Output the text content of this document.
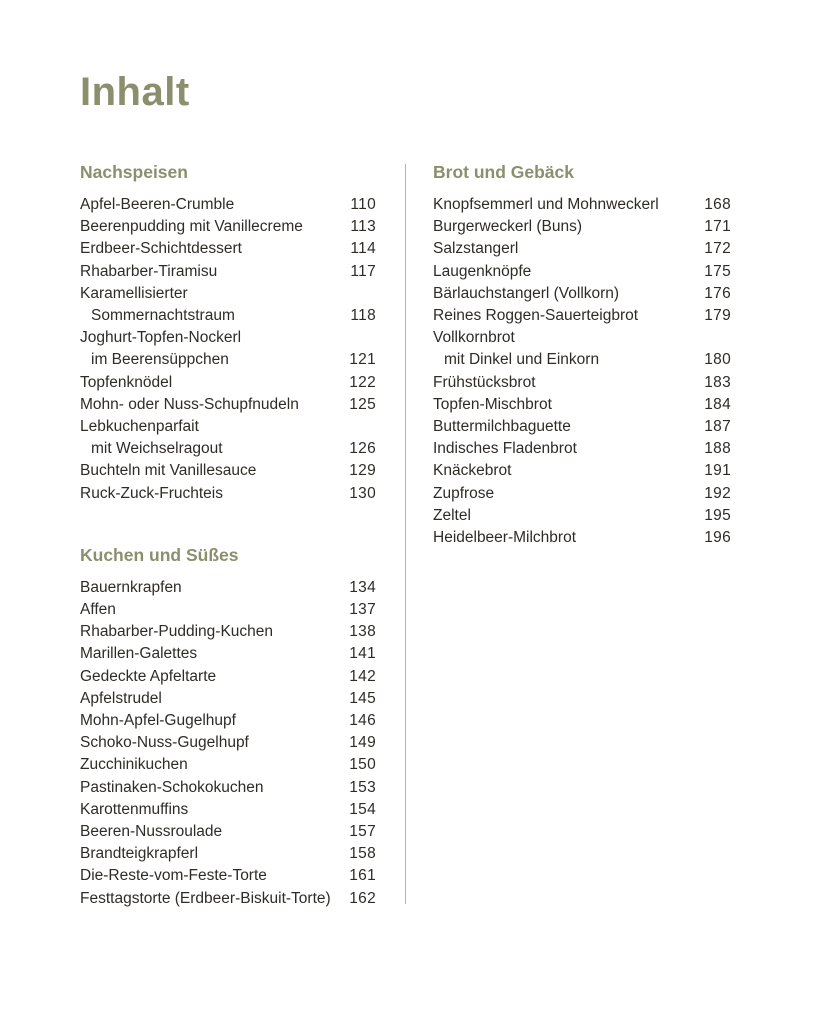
Inhalt
Nachspeisen
Apfel-Beeren-Crumble	110
Beerenpudding mit Vanillecreme	113
Erdbeer-Schichtdessert	114
Rhabarber-Tiramisu	117
Karamellisierter
Sommernachtstraum	118
Joghurt-Topfen-Nockerl
im Beerensüppchen	121
Topfenknödel	122
Mohn- oder Nuss-Schupfnudeln	125
Lebkuchenparfait
mit Weichselragout	126
Buchteln mit Vanillesauce	129
Ruck-Zuck-Fruchteis	130
Kuchen und Süßes
Bauernkrapfen	134
Affen	137
Rhabarber-Pudding-Kuchen	138
Marillen-Galettes	141
Gedeckte Apfeltarte	142
Apfelstrudel	145
Mohn-Apfel-Gugelhupf	146
Schoko-Nuss-Gugelhupf	149
Zucchinikuchen	150
Pastinaken-Schokokuchen	153
Karottenmuffins	154
Beeren-Nussroulade	157
Brandteigkrapferl	158
Die-Reste-vom-Feste-Torte	161
Festtagstorte (Erdbeer-Biskuit-Torte)	162
Brot und Gebäck
Knopfsemmerl und Mohnweckerl	168
Burgerweckerl (Buns)	171
Salzstangerl	172
Laugenknöpfe	175
Bärlauchstangerl (Vollkorn)	176
Reines Roggen-Sauerteigbrot	179
Vollkornbrot
mit Dinkel und Einkorn	180
Frühstücksbrot	183
Topfen-Mischbrot	184
Buttermilchbaguette	187
Indisches Fladenbrot	188
Knäckebrot	191
Zupfrose	192
Zeltel	195
Heidelbeer-Milchbrot	196
